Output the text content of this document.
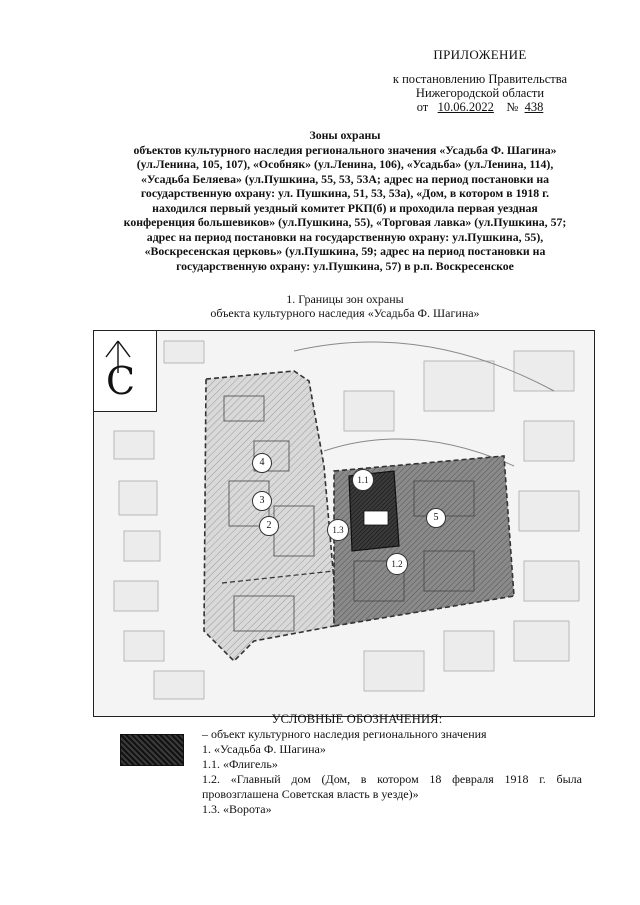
ПРИЛОЖЕНИЕ
к постановлению Правительства
Нижегородской области
от 10.06.2022 № 438
Зоны охраны
объектов культурного наследия регионального значения «Усадьба Ф. Шагина»
(ул.Ленина, 105, 107), «Особняк» (ул.Ленина, 106), «Усадьба» (ул.Ленина, 114),
«Усадьба Беляева» (ул.Пушкина, 55, 53, 53А; адрес на период постановки на
государственную охрану: ул. Пушкина, 51, 53, 53а), «Дом, в котором в 1918 г.
находился первый уездный комитет РКП(б) и проходила первая уездная
конференция большевиков» (ул.Пушкина, 55), «Торговая лавка» (ул.Пушкина, 57;
адрес на период постановки на государственную охрану: ул.Пушкина, 55),
«Воскресенская церковь» (ул.Пушкина, 59; адрес на период постановки на
государственную охрану: ул.Пушкина, 57) в р.п. Воскресенское
1. Границы зон охраны
объекта культурного наследия «Усадьба Ф. Шагина»
С
4
3
2
1.1
1.3
1.2
5

УСЛОВНЫЕ ОБОЗНАЧЕНИЯ:

– объект культурного наследия регионального значения

1. «Усадьба Ф. Шагина»

1.1. «Флигель»

1.2. «Главный дом (Дом, в котором 18 февраля 1918 г. была провозглашена Советская власть в уезде)»

1.3. «Ворота»
